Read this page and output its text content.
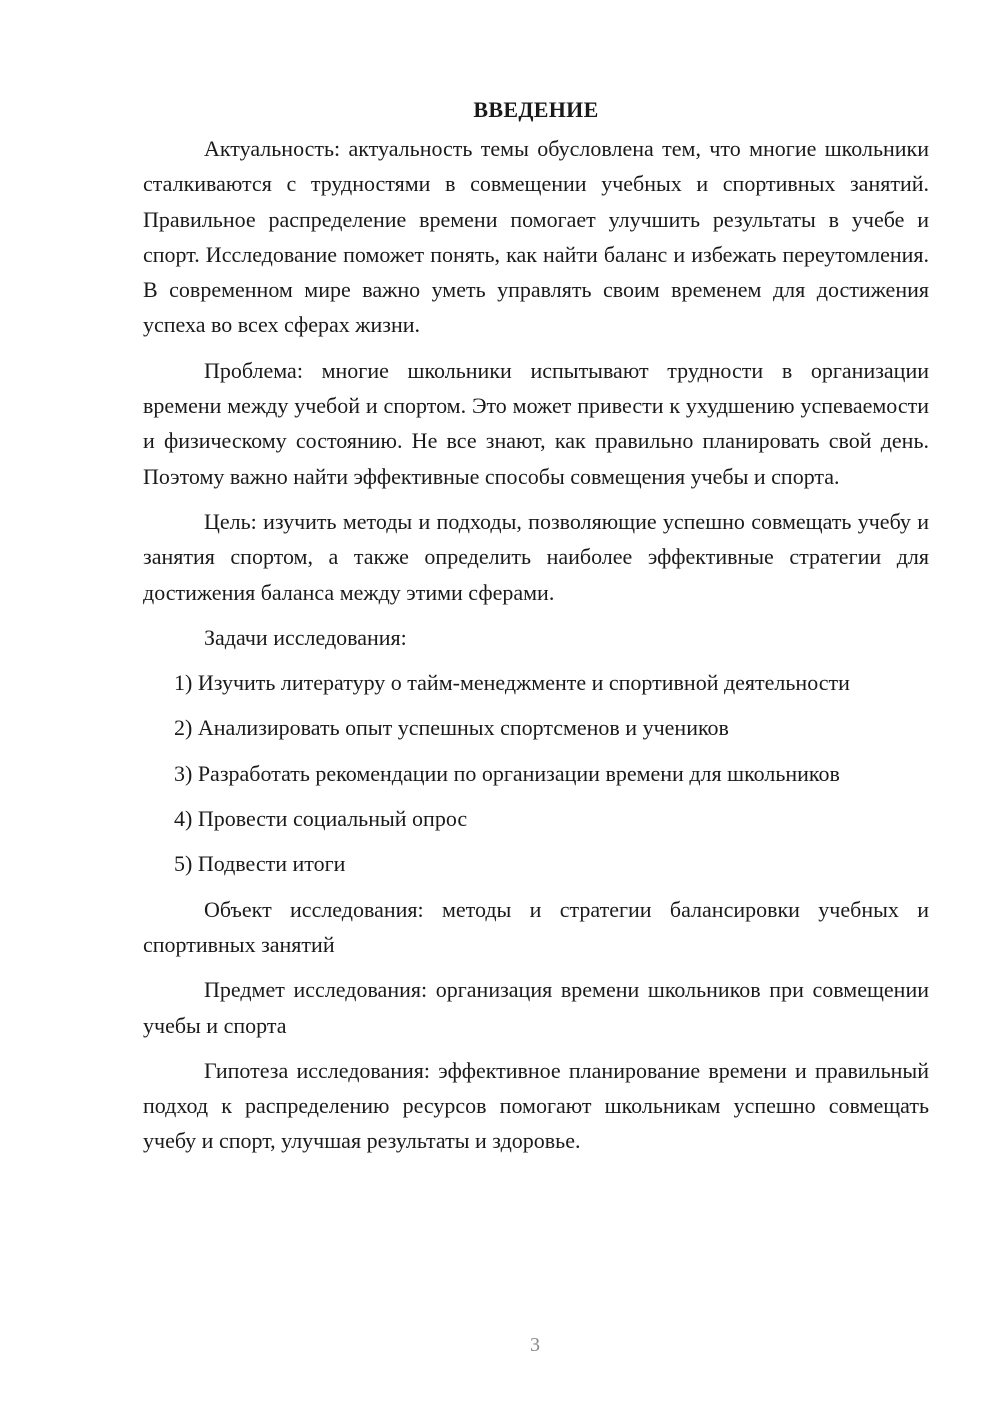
ВВЕДЕНИЕ

Актуальность: актуальность темы обусловлена тем, что многие школьники сталкиваются с трудностями в совмещении учебных и спортивных занятий. Правильное распределение времени помогает улучшить результаты в учебе и спорт. Исследование поможет понять, как найти баланс и избежать переутомления. В современном мире важно уметь управлять своим временем для достижения успеха во всех сферах жизни.

Проблема: многие школьники испытывают трудности в организации времени между учебой и спортом. Это может привести к ухудшению успеваемости и физическому состоянию. Не все знают, как правильно планировать свой день. Поэтому важно найти эффективные способы совмещения учебы и спорта.

Цель: изучить методы и подходы, позволяющие успешно совмещать учебу и занятия спортом, а также определить наиболее эффективные стратегии для достижения баланса между этими сферами.

Задачи исследования:

1) Изучить литературу о тайм-менеджменте и спортивной деятельности

2) Анализировать опыт успешных спортсменов и учеников

3) Разработать рекомендации по организации времени для школьников

4) Провести социальный опрос

5) Подвести итоги

Объект исследования: методы и стратегии балансировки учебных и спортивных занятий

Предмет исследования: организация времени школьников при совмещении учебы и спорта

Гипотеза исследования: эффективное планирование времени и правильный подход к распределению ресурсов помогают школьникам успешно совмещать учебу и спорт, улучшая результаты и здоровье.

3
